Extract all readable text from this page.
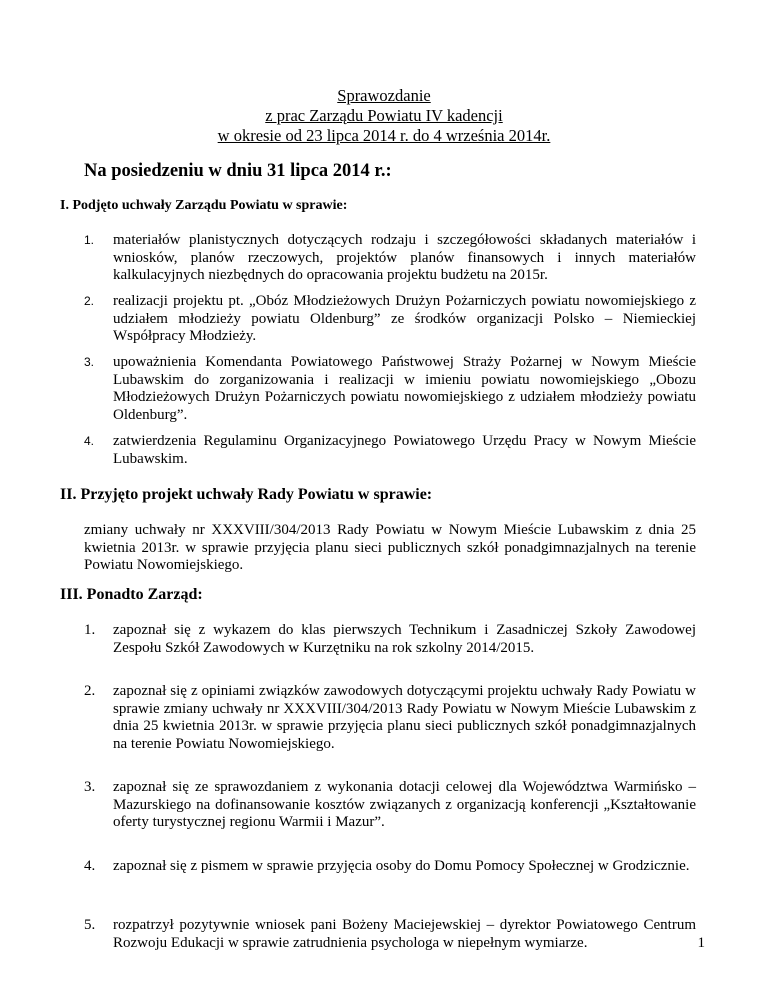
Sprawozdanie
z prac Zarządu Powiatu IV kadencji
w okresie od 23 lipca 2014 r. do 4 września 2014r.
Na posiedzeniu w dniu 31 lipca 2014 r.:
I. Podjęto uchwały Zarządu Powiatu w sprawie:
1. materiałów planistycznych dotyczących rodzaju i szczegółowości składanych materiałów i wniosków, planów rzeczowych, projektów planów finansowych i innych materiałów kalkulacyjnych niezbędnych do opracowania projektu budżetu na 2015r.
2. realizacji projektu pt. „Obóz Młodzieżowych Drużyn Pożarniczych powiatu nowomiejskiego z udziałem młodzieży powiatu Oldenburg” ze środków organizacji Polsko – Niemieckiej Współpracy Młodzieży.
3. upoważnienia Komendanta Powiatowego Państwowej Straży Pożarnej w Nowym Mieście Lubawskim do zorganizowania i realizacji w imieniu powiatu nowomiejskiego „Obozu Młodzieżowych Drużyn Pożarniczych powiatu nowomiejskiego z udziałem młodzieży powiatu Oldenburg”.
4. zatwierdzenia Regulaminu Organizacyjnego Powiatowego Urzędu Pracy w Nowym Mieście Lubawskim.
II. Przyjęto projekt uchwały Rady Powiatu w sprawie:
zmiany uchwały nr XXXVIII/304/2013 Rady Powiatu w Nowym Mieście Lubawskim z dnia 25 kwietnia 2013r. w sprawie przyjęcia planu sieci publicznych szkół ponadgimnazjalnych na terenie Powiatu Nowomiejskiego.
III. Ponadto Zarząd:
1. zapoznał się z wykazem do klas pierwszych Technikum i Zasadniczej Szkoły Zawodowej Zespołu Szkół Zawodowych w Kurzętniku na rok szkolny 2014/2015.
2. zapoznał się z opiniami związków zawodowych dotyczącymi projektu uchwały Rady Powiatu w sprawie zmiany uchwały nr XXXVIII/304/2013 Rady Powiatu w Nowym Mieście Lubawskim z dnia 25 kwietnia 2013r. w sprawie przyjęcia planu sieci publicznych szkół ponadgimnazjalnych na terenie Powiatu Nowomiejskiego.
3. zapoznał się ze sprawozdaniem z wykonania dotacji celowej dla Województwa Warmińsko – Mazurskiego na dofinansowanie kosztów związanych z organizacją konferencji „Kształtowanie oferty turystycznej regionu Warmii i Mazur”.
4. zapoznał się z pismem w sprawie przyjęcia osoby do Domu Pomocy Społecznej w Grodzicznie.
5. rozpatrzył pozytywnie wniosek pani Bożeny Maciejewskiej – dyrektor Powiatowego Centrum Rozwoju Edukacji w sprawie zatrudnienia psychologa w niepełnym wymiarze.	1
